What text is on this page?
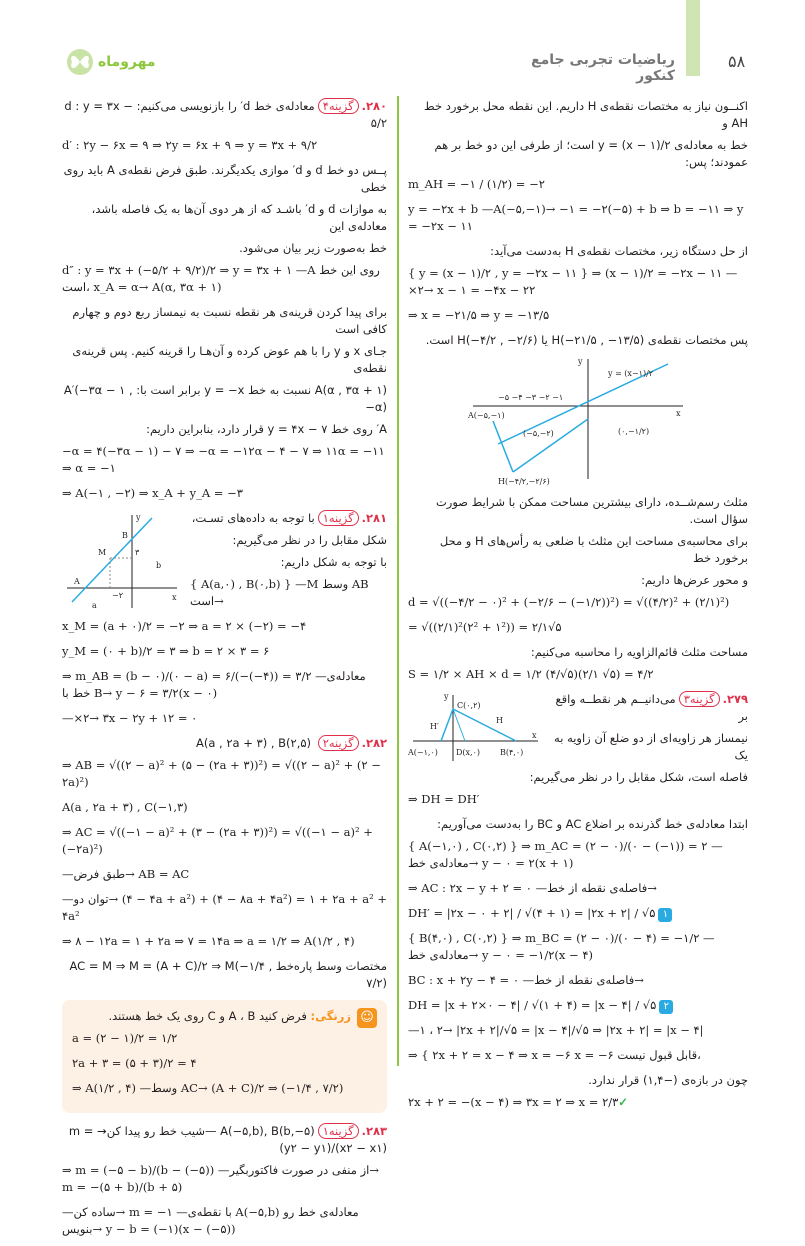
۵۸
ریاضیات تجربی جامع کنکور
مهروماه
اکنــون نیاز به مختصات نقطه‌ی H داریم. این نقطه محل برخورد خط AH و
خط به معادله‌ی y = (x − ۱)/۲ است؛ از طرفی این دو خط بر هم عمودند؛ پس:
m_AH = −۱ / (۱/۲) = −۲
y = −۲x + b —A(−۵,−۱)→ −۱ = −۲(−۵) + b ⇒ b = −۱۱ ⇒ y = −۲x − ۱۱
از حل دستگاه زیر، مختصات نقطه‌ی H به‌دست می‌آید:
{ y = (x − ۱)/۲ , y = −۲x − ۱۱ } ⇒ (x − ۱)/۲ = −۲x − ۱۱ —×۲→ x − ۱ = −۴x − ۲۲
⇒ x = −۲۱/۵ ⇒ y = −۱۳/۵
پس مختصات نقطه‌ی H(−۲۱/۵ , −۱۳/۵) یا H(−۴/۲ , −۲/۶) است.
x
y
y = (x−۱)/۲
−۵ −۴ −۳ −۲ −۱
A(−۵,−۱)
(−۵,−۲)	(۰,−۱/۲)
H(−۴/۲,−۲/۶)
مثلث رسم‌شــده، دارای بیشترین مساحت ممکن با شرایط صورت سؤال است.
برای محاسبه‌ی مساحت این مثلث با ضلعی به رأس‌های H و محل برخورد خط
و محور عرض‌ها داریم:
d = √((−۴/۲ − ۰)² + (−۲/۶ − (−۱/۲))²) = √((۴/۲)² + (۲/۱)²)
= √((۲/۱)²(۲² + ۱²)) = ۲/۱√۵
مساحت مثلث قائم‌الزاویه را محاسبه می‌کنیم:
S = ۱/۲ × AH × d = ۱/۲ (۴/√۵)(۲/۱ √۵) = ۴/۲
x
y
C(۰,۲)
H
H′
A(−۱,۰) D(x,۰) B(۴,۰)
۲۷۹.گزینه۳می‌دانیــم هر نقطــه واقع بر
نیمساز هر زاویه‌ای از دو ضلع آن زاویه به یک
فاصله است، شکل مقابل را در نظر می‌گیریم:
⇒ DH = DH′
ابتدا معادله‌ی خط گذرنده بر اضلاع AC و BC را به‌دست می‌آوریم:
{ A(−۱,۰) , C(۰,۲) } ⇒ m_AC = (۲ − ۰)/(۰ − (−۱)) = ۲ —معادله‌ی خط→ y − ۰ = ۲(x + ۱)
⇒ AC : ۲x − y + ۲ = ۰ —فاصله‌ی نقطه از خط→
DH′ = |۲x − ۰ + ۲| / √(۴ + ۱) = |۲x + ۲| / √۵ ۱
{ B(۴,۰) , C(۰,۲) } ⇒ m_BC = (۲ − ۰)/(۰ − ۴) = −۱/۲ —معادله‌ی خط→ y − ۰ = −۱/۲(x − ۴)
BC : x + ۲y − ۴ = ۰ —فاصله‌ی نقطه از خط→
DH = |x + ۲×۰ − ۴| / √(۱ + ۴) = |x − ۴| / √۵ ۲
—۱ ، ۲→ |۲x + ۲|/√۵ = |x − ۴|/√۵ ⇒ |۲x + ۲| = |x − ۴|
⇒ { ۲x + ۲ = x − ۴ ⇒ x = −۶ x = −۶ قابل قبول نیست،
چون در بازه‌ی (−۱,۴) قرار ندارد.
۲x + ۲ = −(x − ۴) ⇒ ۳x = ۲ ⇒ x = ۲/۳✓
۲۸۰.گزینه۴معادله‌ی خط d′ را بازنویسی می‌کنیم: d : y = ۳x − ۵/۲
d′ : ۲y − ۶x = ۹ ⇒ ۲y = ۶x + ۹ ⇒ y = ۳x + ۹/۲
پــس دو خط d و d′ موازی یکدیگرند. طبق فرض نقطه‌ی A باید روی خطی
به موازات d و d′ باشـد که از هر دوی آن‌ها به یک فاصله باشد، معادله‌ی این
خط به‌صورت زیر بیان می‌شود.
d″ : y = ۳x + (−۵/۲ + ۹/۲)/۲ ⇒ y = ۳x + ۱ —A روی این خط است، x_A = α→ A(α, ۳α + ۱)
برای پیدا کردن قرینه‌ی هر نقطه نسبت به نیمساز ربع دوم و چهارم کافی است
جـای x و y را با هم عوض کرده و آن‌هـا را قرینه کنیم. پس قرینه‌ی نقطه‌ی
A(α , ۳α + ۱) نسبت به خط y = −x برابر است با: A′(−۳α − ۱ , −α)
A′ روی خط y = ۴x − ۷ قرار دارد، بنابراین داریم:
−α = ۴(−۳α − ۱) − ۷ ⇒ −α = −۱۲α − ۴ − ۷ ⇒ ۱۱α = −۱۱ ⇒ α = −۱
⇒ A(−۱ , −۲) ⇒ x_A + y_A = −۳
x
y
B
M
A
b
۳
−۲
a
۲۸۱.گزینه۱با توجه به داده‌های تسـت،
شکل مقابل را در نظر می‌گیریم:
با توجه به شکل داریم:
{ A(a,۰) , B(۰,b) } —M وسط AB است→
x_M = (a + ۰)/۲ = −۲ ⇒ a = ۲ × (−۲) = −۴
y_M = (۰ + b)/۲ = ۳ ⇒ b = ۲ × ۳ = ۶
⇒ m_AB = (b − ۰)/(۰ − a) = ۶/(−(−۴)) = ۳/۲ —معادله‌ی خط با B→ y − ۶ = ۳/۲(x − ۰)
—×۲→ ۳x − ۲y + ۱۲ = ۰
۲۸۲.گزینه۲ A(a , ۲a + ۳) , B(۲,۵)
⇒ AB = √((۲ − a)² + (۵ − (۲a + ۳))²) = √((۲ − a)² + (۲ − ۲a)²)
A(a , ۲a + ۳) , C(−۱,۳)
⇒ AC = √((−۱ − a)² + (۳ − (۲a + ۳))²) = √((−۱ − a)² + (−۲a)²)
—طبق فرض→ AB = AC
—توان دو→ (۴ − ۴a + a²) + (۴ − ۸a + ۴a²) = ۱ + ۲a + a² + ۴a²
⇒ ۸ − ۱۲a = ۱ + ۲a ⇒ ۷ = ۱۴a ⇒ a = ۱/۲ ⇒ A(۱/۲ , ۴)
مختصات وسط پاره‌خط AC = M ⇒ M = (A + C)/۲ ⇒ M(−۱/۴ , ۷/۲)
☺
زرنگی: فرض کنید A ، B و C روی یک خط هستند.
a = (۲ − ۱)/۲ = ۱/۲
۲a + ۳ = (۵ + ۳)/۲ = ۴
⇒ A(۱/۲ , ۴) —وسط AC→ (A + C)/۲ ⇒ (−۱/۴ , ۷/۲)
۲۸۳.گزینه۱A(−۵,b), B(b,−۵) —شیب خط رو پیدا کن→ m = (y۲ − y۱)/(x۲ − x۱)
⇒ m = (−۵ − b)/(b − (−۵)) —از منفی در صورت فاکتوربگیر→ m = −(۵ + b)/(b + ۵)
—ساده کن→ m = −۱ —با نقطه‌ی A(−۵,b) معادله‌ی خط رو بنویس→ y − b = (−۱)(x − (−۵))
